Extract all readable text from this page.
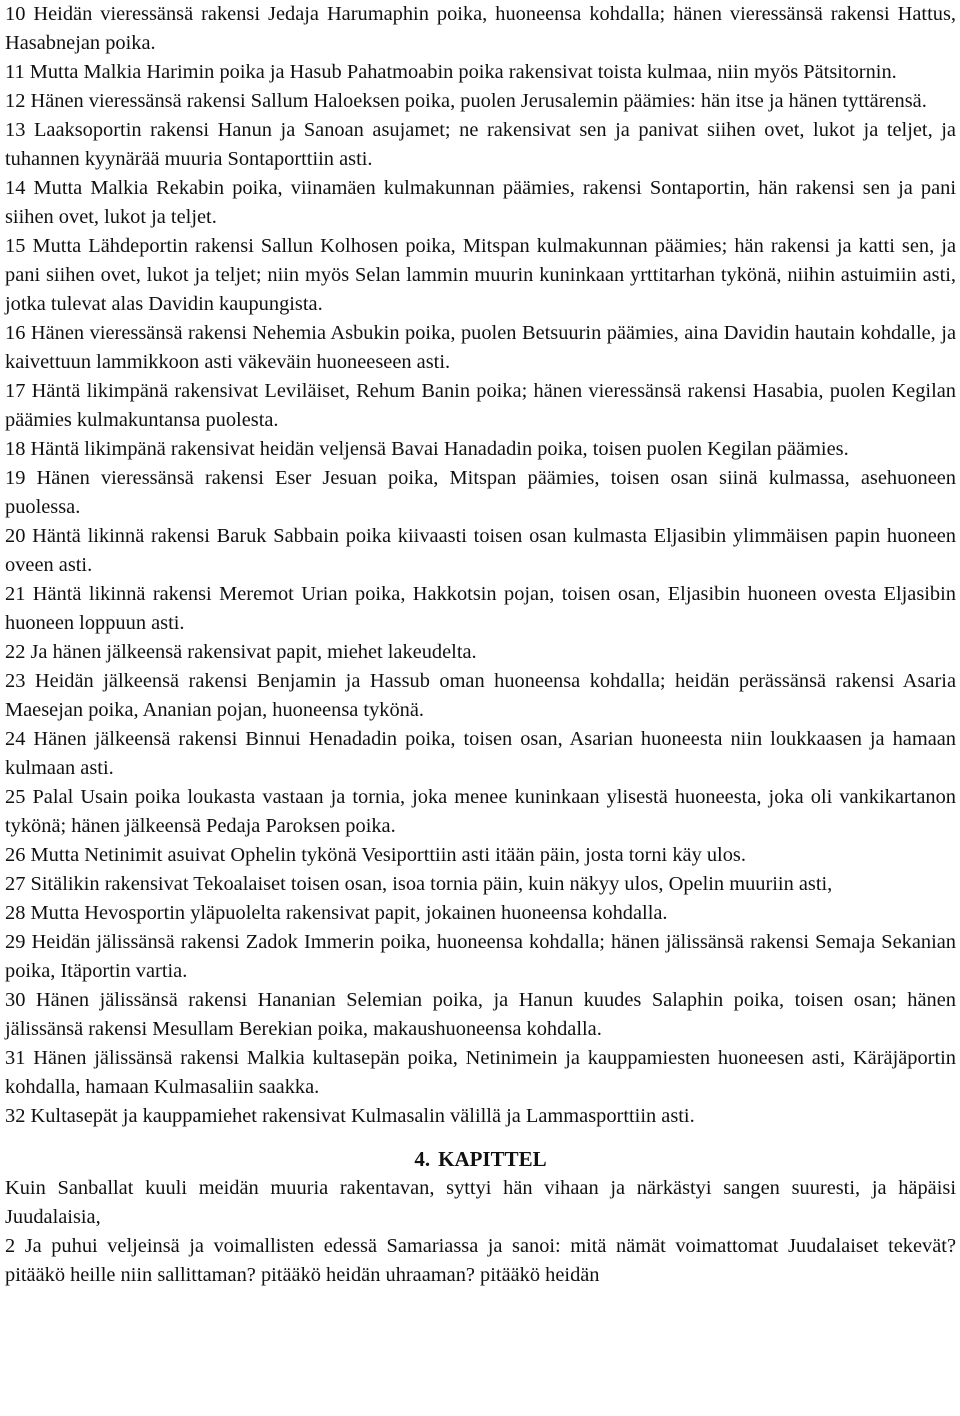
10 Heidän vieressänsä rakensi Jedaja Harumaphin poika, huoneensa kohdalla; hänen vieressänsä rakensi Hattus, Hasabnejan poika.

11 Mutta Malkia Harimin poika ja Hasub Pahatmoabin poika rakensivat toista kulmaa, niin myös Pätsitornin.

12 Hänen vieressänsä rakensi Sallum Haloeksen poika, puolen Jerusalemin päämies: hän itse ja hänen tyttärensä.

13 Laaksoportin rakensi Hanun ja Sanoan asujamet; ne rakensivat sen ja panivat siihen ovet, lukot ja teljet, ja tuhannen kyynärää muuria Sontaporttiin asti.

14 Mutta Malkia Rekabin poika, viinamäen kulmakunnan päämies, rakensi Sontaportin, hän rakensi sen ja pani siihen ovet, lukot ja teljet.

15 Mutta Lähdeportin rakensi Sallun Kolhosen poika, Mitspan kulmakunnan päämies; hän rakensi ja katti sen, ja pani siihen ovet, lukot ja teljet; niin myös Selan lammin muurin kuninkaan yrttitarhan tykönä, niihin astuimiin asti, jotka tulevat alas Davidin kaupungista.

16 Hänen vieressänsä rakensi Nehemia Asbukin poika, puolen Betsuurin päämies, aina Davidin hautain kohdalle, ja kaivettuun lammikkoon asti väkeväin huoneeseen asti.

17 Häntä likimpänä rakensivat Leviläiset, Rehum Banin poika; hänen vieressänsä rakensi Hasabia, puolen Kegilan päämies kulmakuntansa puolesta.

18 Häntä likimpänä rakensivat heidän veljensä Bavai Hanadadin poika, toisen puolen Kegilan päämies.

19 Hänen vieressänsä rakensi Eser Jesuan poika, Mitspan päämies, toisen osan siinä kulmassa, asehuoneen puolessa.

20 Häntä likinnä rakensi Baruk Sabbain poika kiivaasti toisen osan kulmasta Eljasibin ylimmäisen papin huoneen oveen asti.

21 Häntä likinnä rakensi Meremot Urian poika, Hakkotsin pojan, toisen osan, Eljasibin huoneen ovesta Eljasibin huoneen loppuun asti.

22 Ja hänen jälkeensä rakensivat papit, miehet lakeudelta.

23 Heidän jälkeensä rakensi Benjamin ja Hassub oman huoneensa kohdalla; heidän perässänsä rakensi Asaria Maesejan poika, Ananian pojan, huoneensa tykönä.

24 Hänen jälkeensä rakensi Binnui Henadadin poika, toisen osan, Asarian huoneesta niin loukkaasen ja hamaan kulmaan asti.

25 Palal Usain poika loukasta vastaan ja tornia, joka menee kuninkaan ylisestä huoneesta, joka oli vankikartanon tykönä; hänen jälkeensä Pedaja Paroksen poika.

26 Mutta Netinimit asuivat Ophelin tykönä Vesiporttiin asti itään päin, josta torni käy ulos.

27 Sitälikin rakensivat Tekoalaiset toisen osan, isoa tornia päin, kuin näkyy ulos, Opelin muuriin asti,

28 Mutta Hevosportin yläpuolelta rakensivat papit, jokainen huoneensa kohdalla.

29 Heidän jälissänsä rakensi Zadok Immerin poika, huoneensa kohdalla; hänen jälissänsä rakensi Semaja Sekanian poika, Itäportin vartia.

30 Hänen jälissänsä rakensi Hananian Selemian poika, ja Hanun kuudes Salaphin poika, toisen osan; hänen jälissänsä rakensi Mesullam Berekian poika, makaushuoneensa kohdalla.

31 Hänen jälissänsä rakensi Malkia kultasepän poika, Netinimein ja kauppamiesten huoneesen asti, Käräjäportin kohdalla, hamaan Kulmasaliin saakka.

32 Kultasepät ja kauppamiehet rakensivat Kulmasalin välillä ja Lammasporttiin asti.

4. KAPITTEL

Kuin Sanballat kuuli meidän muuria rakentavan, syttyi hän vihaan ja närkästyi sangen suuresti, ja häpäisi Juudalaisia,

2 Ja puhui veljeinsä ja voimallisten edessä Samariassa ja sanoi: mitä nämät voimattomat Juudalaiset tekevät? pitääkö heille niin sallittaman? pitääkö heidän uhraaman? pitääkö heidän
